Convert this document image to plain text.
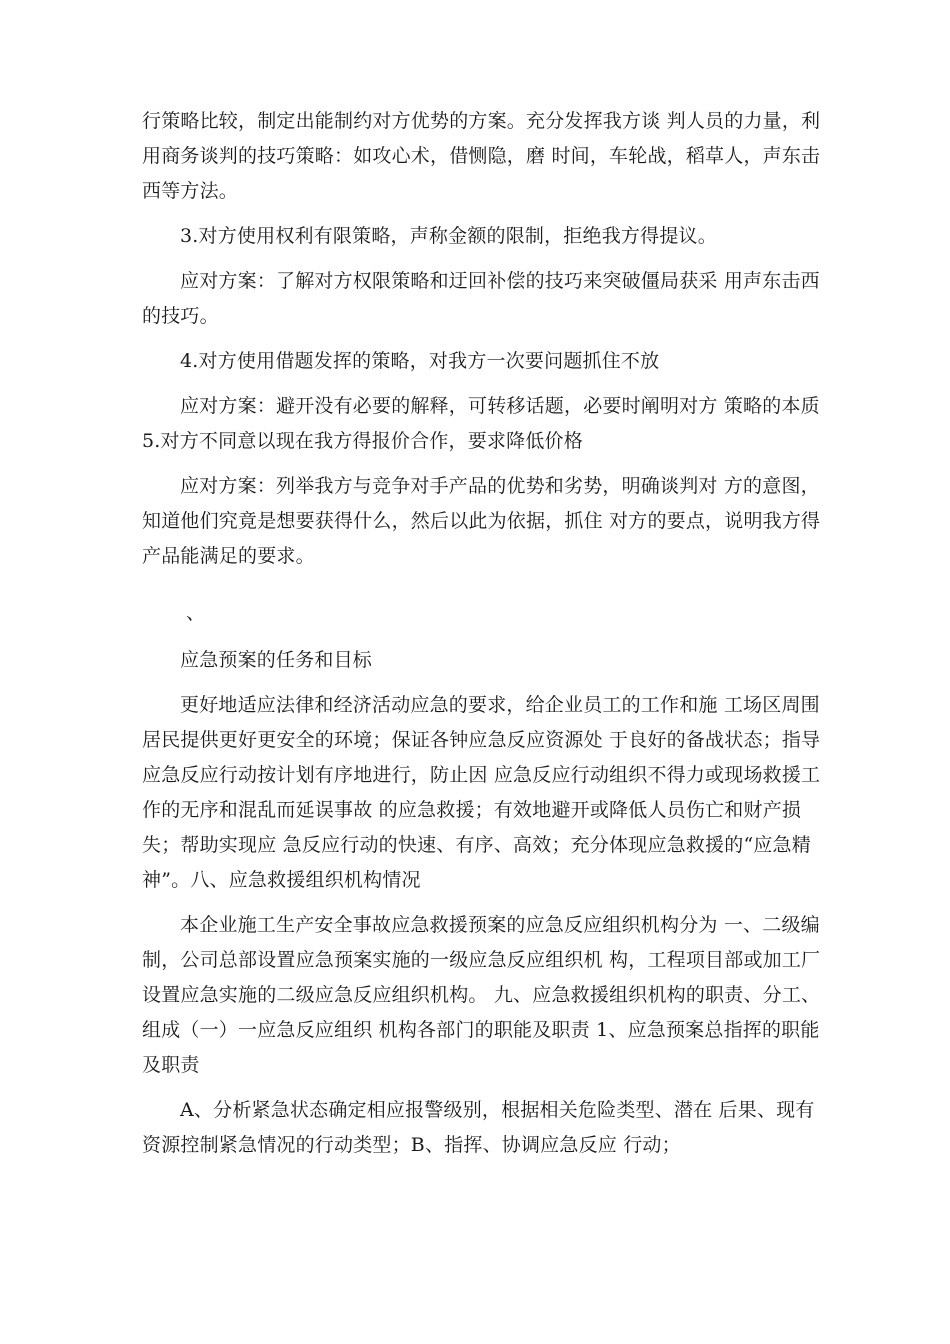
行策略比较，制定出能制约对方优势的方案。充分发挥我方谈 判人员的力量，利用商务谈判的技巧策略：如攻心术，借恻隐，磨 时间，车轮战，稻草人，声东击西等方法。

3.对方使用权利有限策略，声称金额的限制，拒绝我方得提议。

应对方案：了解对方权限策略和迂回补偿的技巧来突破僵局获采 用声东击西的技巧。

4.对方使用借题发挥的策略，对我方一次要问题抓住不放

应对方案：避开没有必要的解释，可转移话题，必要时阐明对方 策略的本质 5.对方不同意以现在我方得报价合作，要求降低价格

应对方案：列举我方与竞争对手产品的优势和劣势，明确谈判对 方的意图，知道他们究竟是想要获得什么，然后以此为依据，抓住 对方的要点，说明我方得产品能满足的要求。

、

应急预案的任务和目标

更好地适应法律和经济活动应急的要求，给企业员工的工作和施 工场区周围居民提供更好更安全的环境；保证各钟应急反应资源处 于良好的备战状态；指导应急反应行动按计划有序地进行，防止因 应急反应行动组织不得力或现场救援工作的无序和混乱而延误事故 的应急救援；有效地避开或降低人员伤亡和财产损失；帮助实现应 急反应行动的快速、有序、高效；充分体现应急救援的“应急精 神”。八、应急救援组织机构情况

本企业施工生产安全事故应急救援预案的应急反应组织机构分为 一、二级编制，公司总部设置应急预案实施的一级应急反应组织机 构，工程项目部或加工厂设置应急实施的二级应急反应组织机构。 九、应急救援组织机构的职责、分工、组成（一）一应急反应组织 机构各部门的职能及职责 1、应急预案总指挥的职能及职责

A、分析紧急状态确定相应报警级别，根据相关危险类型、潜在 后果、现有资源控制紧急情况的行动类型；B、指挥、协调应急反应 行动；
